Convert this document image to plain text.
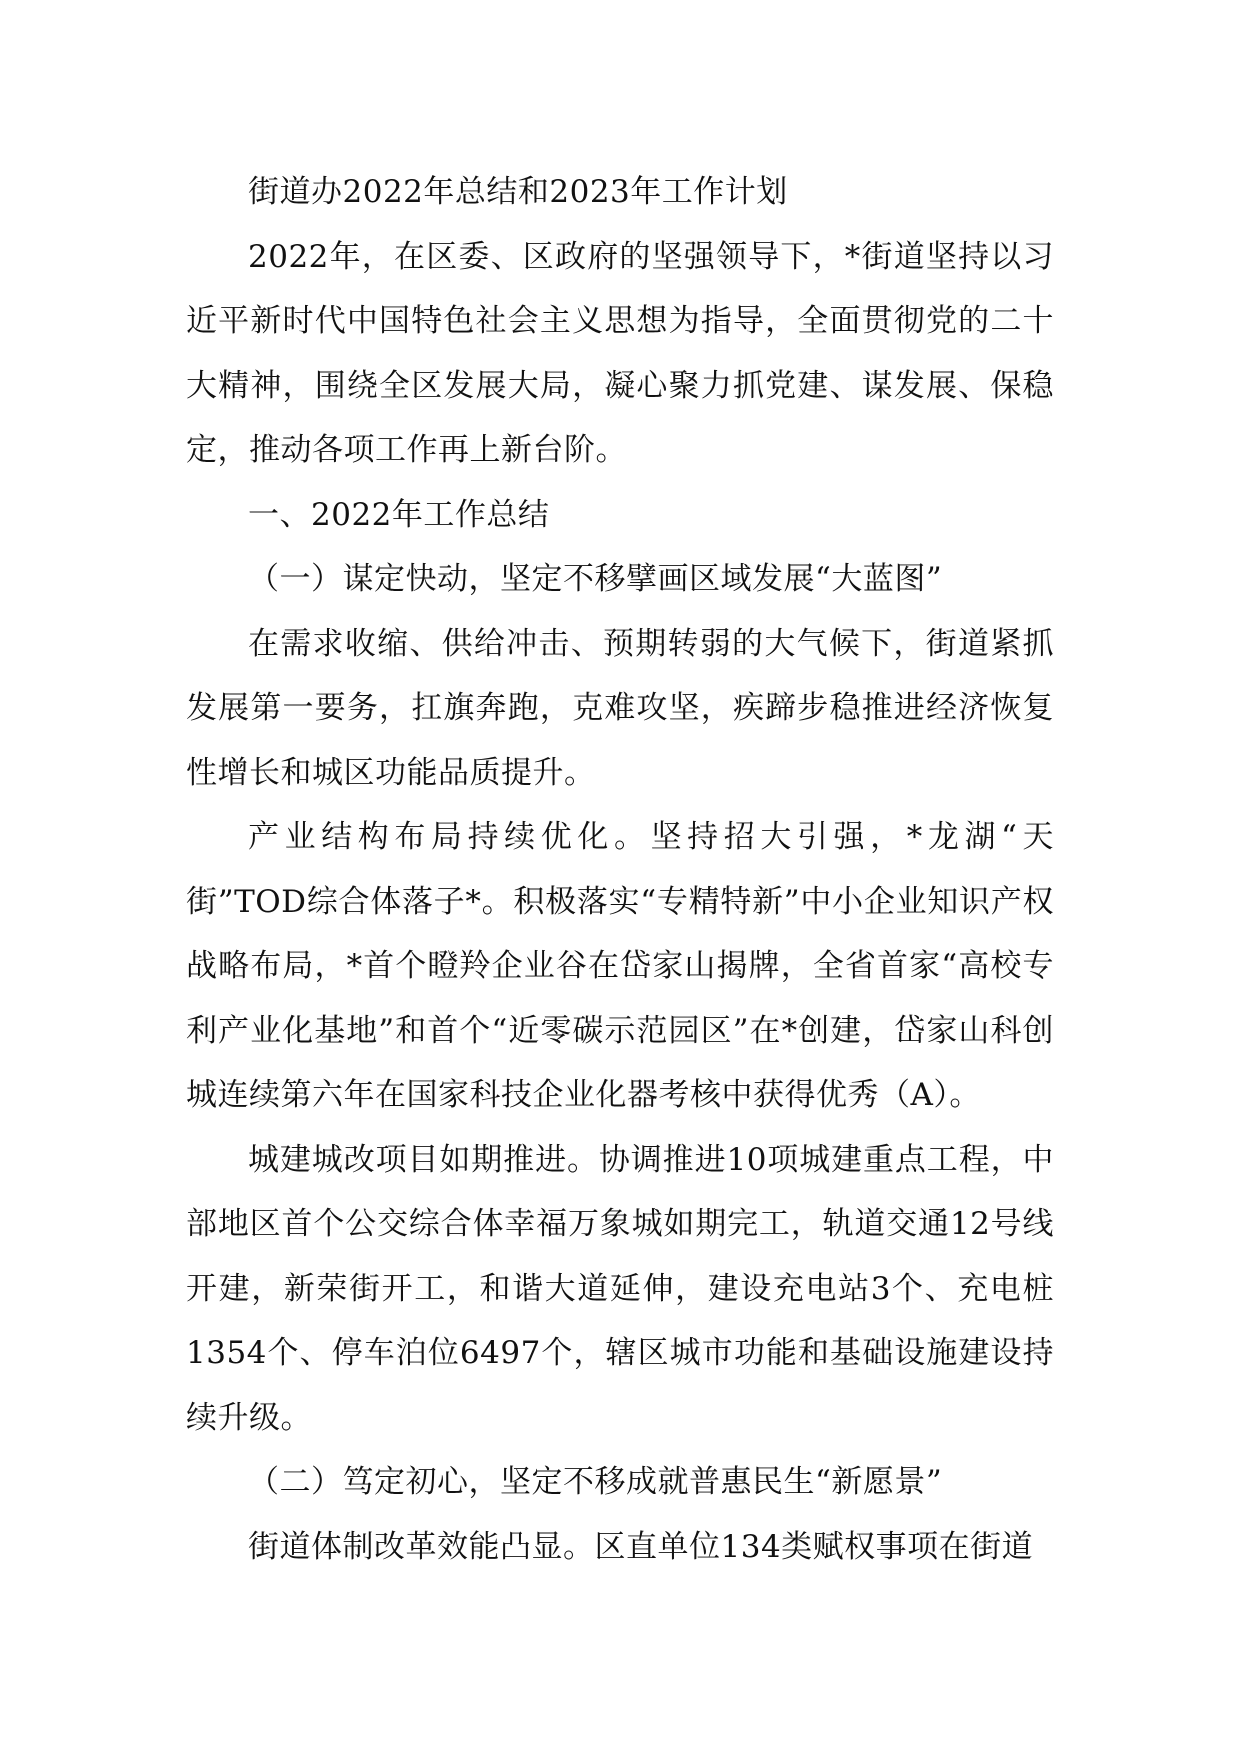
街道办2022年总结和2023年工作计划

2022年，在区委、区政府的坚强领导下，*街道坚持以习近平新时代中国特色社会主义思想为指导，全面贯彻党的二十大精神，围绕全区发展大局，凝心聚力抓党建、谋发展、保稳定，推动各项工作再上新台阶。

一、2022年工作总结

（一）谋定快动，坚定不移擘画区域发展“大蓝图”

在需求收缩、供给冲击、预期转弱的大气候下，街道紧抓发展第一要务，扛旗奔跑，克难攻坚，疾蹄步稳推进经济恢复性增长和城区功能品质提升。

产业结构布局持续优化。坚持招大引强，*龙湖“天街”TOD综合体落子*。积极落实“专精特新”中小企业知识产权战略布局，*首个瞪羚企业谷在岱家山揭牌，全省首家“高校专利产业化基地”和首个“近零碳示范园区”在*创建，岱家山科创城连续第六年在国家科技企业化器考核中获得优秀（A）。

城建城改项目如期推进。协调推进10项城建重点工程，中部地区首个公交综合体幸福万象城如期完工，轨道交通12号线开建，新荣街开工，和谐大道延伸，建设充电站3个、充电桩1354个、停车泊位6497个，辖区城市功能和基础设施建设持续升级。

（二）笃定初心，坚定不移成就普惠民生“新愿景”

街道体制改革效能凸显。区直单位134类赋权事项在街道
